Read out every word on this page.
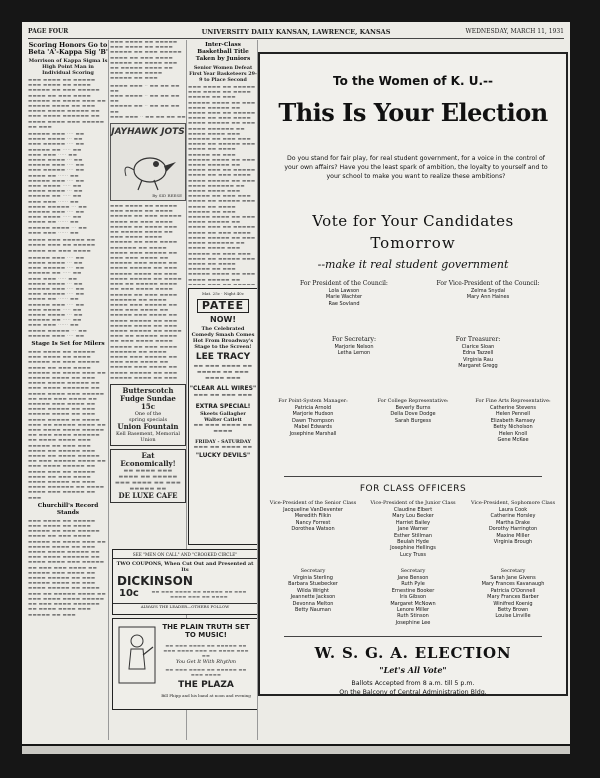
PAGE FOUR	UNIVERSITY DAILY KANSAN, LAWRENCE, KANSAS	WEDNESDAY, MARCH 11, 1931
Scoring Honors Go to Beta 'A'-Kappa Sig 'B'
Morrison of Kappa Sigma Is High Point Man in Individual Scoring
▬▬▬ ▬▬▬▬ ▬▬ ▬▬▬▬▬ ▬▬▬ ▬▬▬▬ ▬▬ ▬▬▬▬ ▬▬▬▬▬ ▬▬ ▬▬▬ ▬▬▬▬▬ ▬▬▬▬ ▬▬ ▬▬▬ ▬▬▬▬ ▬▬▬▬▬ ▬▬ ▬▬▬▬ ▬▬▬ ▬▬ ▬▬▬▬▬ ▬▬▬▬ ▬▬ ▬▬▬ ▬▬▬▬ ▬▬▬▬ ▬▬▬▬▬ ▬▬ ▬▬▬ ▬▬▬▬ ▬▬▬▬▬▬ ▬▬ ▬▬▬▬ ▬▬▬▬ ▬▬▬ ▬▬▬▬▬ ▬▬ ▬▬▬
▬▬▬▬▬ ▬▬▬ ···· ▬▬
▬▬▬▬ ▬▬▬▬ ··· ▬▬
▬▬▬ ▬▬▬▬▬ ···· ▬▬
▬▬▬▬▬ ▬▬ ····· ▬▬
▬▬▬ ▬▬▬ ····· ▬▬
▬▬▬▬ ▬▬▬▬ ··· ▬▬
▬▬▬▬▬ ▬▬▬ ···· ▬▬
▬▬▬ ▬▬▬▬▬ ···· ▬▬
▬▬▬▬ ▬▬ ······ ▬▬
▬▬▬▬▬ ▬▬▬ ···· ▬▬
▬▬▬ ▬▬▬▬ ····· ▬▬
▬▬▬▬ ▬▬▬▬ ··· ▬▬
▬▬▬▬▬ ▬▬ ····· ▬▬
▬▬▬ ▬▬▬ ······ ▬▬
▬▬▬▬ ▬▬▬▬▬ ··· ▬▬
▬▬▬▬▬ ▬▬▬ ···· ▬▬
▬▬▬ ▬▬▬▬ ····· ▬▬
▬▬▬▬ ▬▬ ······ ▬▬
▬▬▬▬▬ ▬▬▬▬ ··· ▬▬
▬▬▬ ▬▬▬ ······ ▬▬
▬▬▬▬ ▬▬▬ ▬▬▬▬▬ ▬▬ ▬▬▬▬ ▬▬▬ ▬▬ ▬▬▬▬▬ ▬▬▬▬ ▬▬ ▬▬▬ ▬▬▬▬
▬▬▬▬▬ ▬▬▬ ···· ▬▬
▬▬▬▬ ▬▬▬▬ ··· ▬▬
▬▬▬ ▬▬▬▬▬ ···· ▬▬
▬▬▬▬▬ ▬▬ ····· ▬▬
▬▬▬ ▬▬▬ ····· ▬▬
▬▬▬▬ ▬▬▬▬ ··· ▬▬
▬▬▬▬▬ ▬▬▬ ···· ▬▬
▬▬▬ ▬▬▬▬▬ ···· ▬▬
▬▬▬▬ ▬▬ ······ ▬▬
▬▬▬▬▬ ▬▬▬ ···· ▬▬
▬▬▬ ▬▬▬▬ ····· ▬▬
▬▬▬▬ ▬▬▬▬ ··· ▬▬
▬▬▬▬▬ ▬▬ ····· ▬▬
▬▬▬ ▬▬▬ ······ ▬▬
▬▬▬▬ ▬▬▬▬▬ ··· ▬▬
▬▬▬▬▬ ▬▬▬ ···· ▬▬
Stage Is Set for Milers
▬▬▬ ▬▬▬▬ ▬▬ ▬▬▬▬▬ ▬▬▬ ▬▬▬▬ ▬▬ ▬▬▬▬ ▬▬▬▬▬ ▬▬ ▬▬▬ ▬▬▬▬▬ ▬▬▬▬ ▬▬ ▬▬▬ ▬▬▬▬ ▬▬▬▬▬ ▬▬ ▬▬▬▬ ▬▬▬ ▬▬ ▬▬▬▬▬ ▬▬▬▬ ▬▬ ▬▬▬ ▬▬▬▬ ▬▬▬▬ ▬▬▬▬▬ ▬▬ ▬▬▬ ▬▬▬▬ ▬▬▬▬▬▬ ▬▬ ▬▬▬▬ ▬▬▬▬ ▬▬▬ ▬▬▬▬▬ ▬▬ ▬▬▬ ▬▬▬ ▬▬▬▬ ▬▬ ▬▬▬▬▬ ▬▬▬ ▬▬▬▬ ▬▬ ▬▬▬▬ ▬▬▬▬▬ ▬▬ ▬▬▬ ▬▬▬▬▬ ▬▬▬▬ ▬▬ ▬▬▬ ▬▬▬▬ ▬▬▬▬▬ ▬▬ ▬▬▬▬ ▬▬▬ ▬▬ ▬▬▬▬▬ ▬▬▬▬ ▬▬ ▬▬▬ ▬▬▬▬ ▬▬▬▬ ▬▬▬▬▬ ▬▬ ▬▬▬ ▬▬▬▬ ▬▬▬▬▬▬ ▬▬ ▬▬▬▬ ▬▬▬▬ ▬▬▬ ▬▬▬▬▬ ▬▬ ▬▬▬ ▬▬▬ ▬▬▬▬ ▬▬ ▬▬▬▬▬ ▬▬▬ ▬▬▬▬ ▬▬ ▬▬▬▬ ▬▬▬▬▬ ▬▬ ▬▬▬ ▬▬▬▬▬ ▬▬▬▬ ▬▬ ▬▬▬ ▬▬▬▬ ▬▬▬▬▬ ▬▬ ▬▬▬▬ ▬▬▬ ▬▬ ▬▬▬▬▬ ▬▬▬▬ ▬▬ ▬▬▬ ▬▬▬▬ ▬▬▬▬ ▬▬▬▬▬ ▬▬ ▬▬▬ ▬▬▬▬ ▬▬▬▬▬▬ ▬▬ ▬▬▬▬ ▬▬▬▬ ▬▬▬ ▬▬▬▬▬ ▬▬ ▬▬▬
Churchill's Record Stands
▬▬▬ ▬▬▬▬ ▬▬ ▬▬▬▬▬ ▬▬▬ ▬▬▬▬ ▬▬ ▬▬▬▬ ▬▬▬▬▬ ▬▬ ▬▬▬ ▬▬▬▬▬ ▬▬▬▬ ▬▬ ▬▬▬ ▬▬▬▬ ▬▬▬▬▬ ▬▬ ▬▬▬▬ ▬▬▬ ▬▬ ▬▬▬▬▬ ▬▬▬▬ ▬▬ ▬▬▬ ▬▬▬▬ ▬▬▬▬ ▬▬▬▬▬ ▬▬ ▬▬▬ ▬▬▬▬ ▬▬▬▬▬▬ ▬▬ ▬▬▬▬ ▬▬▬▬ ▬▬▬ ▬▬▬▬▬ ▬▬ ▬▬▬ ▬▬▬ ▬▬▬▬ ▬▬ ▬▬▬▬▬ ▬▬▬ ▬▬▬▬ ▬▬ ▬▬▬▬ ▬▬▬▬▬ ▬▬ ▬▬▬ ▬▬▬▬▬ ▬▬▬▬ ▬▬ ▬▬▬ ▬▬▬▬ ▬▬▬▬▬ ▬▬ ▬▬▬▬ ▬▬▬ ▬▬ ▬▬▬▬▬ ▬▬▬▬ ▬▬ ▬▬▬ ▬▬▬▬ ▬▬▬▬ ▬▬▬▬▬ ▬▬ ▬▬▬ ▬▬▬▬ ▬▬▬▬▬▬ ▬▬ ▬▬▬▬ ▬▬▬▬ ▬▬▬ ▬▬▬▬▬ ▬▬ ▬▬▬
▬▬▬ ▬▬▬▬ ▬▬ ▬▬▬▬▬ ▬▬▬ ▬▬▬▬ ▬▬ ▬▬▬▬ ▬▬▬▬▬ ▬▬ ▬▬▬ ▬▬▬▬▬ ▬▬▬▬ ▬▬ ▬▬▬ ▬▬▬▬ ▬▬▬▬▬ ▬▬ ▬▬▬▬ ▬▬▬ ▬▬ ▬▬▬▬▬ ▬▬▬▬ ▬▬ ▬▬▬ ▬▬▬▬ ▬▬▬▬ ▬▬▬▬▬ ▬▬ ▬▬▬
▬▬▬▬ ▬▬▬ ·· ▬▬ ▬▬ ▬▬ ▬▬
▬▬▬ ▬▬▬▬ ·· ▬▬ ▬▬ ▬▬ ▬▬
▬▬▬▬▬ ▬▬ ·· ▬▬ ▬▬ ▬▬ ▬▬
▬▬▬ ▬▬▬ ·· ▬▬ ▬▬ ▬▬ ▬▬
JAYHAWK JOTS
By SID REESE
▬▬▬ ▬▬▬▬ ▬▬ ▬▬▬▬▬ ▬▬▬ ▬▬▬▬ ▬▬ ▬▬▬▬ ▬▬▬▬▬ ▬▬ ▬▬▬ ▬▬▬▬▬ ▬▬▬▬ ▬▬ ▬▬▬ ▬▬▬▬ ▬▬▬▬▬ ▬▬ ▬▬▬▬ ▬▬▬ ▬▬ ▬▬▬▬▬ ▬▬▬▬ ▬▬ ▬▬▬ ▬▬▬▬ ▬▬▬▬ ▬▬▬▬▬ ▬▬ ▬▬▬ ▬▬▬▬ ▬▬▬▬▬▬ ▬▬ ▬▬▬▬ ▬▬▬▬ ▬▬▬ ▬▬▬▬▬ ▬▬ ▬▬▬ ▬▬▬ ▬▬▬▬ ▬▬ ▬▬▬▬▬ ▬▬▬ ▬▬▬▬ ▬▬ ▬▬▬▬ ▬▬▬▬▬ ▬▬ ▬▬▬ ▬▬▬▬▬ ▬▬▬▬ ▬▬ ▬▬▬ ▬▬▬▬ ▬▬▬▬▬ ▬▬ ▬▬▬▬ ▬▬▬ ▬▬ ▬▬▬▬▬ ▬▬▬▬ ▬▬ ▬▬▬ ▬▬▬▬ ▬▬▬▬ ▬▬▬▬▬ ▬▬ ▬▬▬ ▬▬▬▬ ▬▬▬▬▬▬ ▬▬ ▬▬▬▬ ▬▬▬▬ ▬▬▬ ▬▬▬▬▬ ▬▬ ▬▬▬ ▬▬▬ ▬▬▬▬ ▬▬ ▬▬▬▬▬ ▬▬▬ ▬▬▬▬ ▬▬ ▬▬▬▬ ▬▬▬▬▬ ▬▬ ▬▬▬ ▬▬▬▬▬ ▬▬▬▬ ▬▬ ▬▬▬ ▬▬▬▬ ▬▬▬▬▬ ▬▬ ▬▬▬▬ ▬▬▬ ▬▬ ▬▬▬▬▬ ▬▬▬▬ ▬▬ ▬▬▬ ▬▬▬▬ ▬▬▬▬ ▬▬▬▬▬ ▬▬ ▬▬▬ ▬▬▬▬ ▬▬▬▬▬▬ ▬▬ ▬▬▬▬ ▬▬▬▬ ▬▬▬ ▬▬▬▬▬ ▬▬ ▬▬▬ ▬▬▬ ▬▬▬▬ ▬▬ ▬▬▬▬▬ ▬▬▬ ▬▬▬▬ ▬▬ ▬▬▬▬ ▬▬▬▬▬ ▬▬ ▬▬▬ ▬▬▬▬▬ ▬▬▬▬ ▬▬ ▬▬▬
Butterscotch
Fudge Sundae
15c
One of the
spring specials
Union Fountain
Kell Basement, Memorial Union
Eat Economically!
▬▬ ▬▬▬▬ ▬▬▬ ▬▬▬▬ ▬▬ ▬▬▬▬▬ ▬▬▬ ▬▬▬▬ ▬▬ ▬▬▬ ▬▬▬▬▬ ▬▬
DE LUXE CAFE
Inter-Class Basketball Title Taken by Juniors
Senior Women Defeat First Year Basketeers 29-9 to Place Second
▬▬▬ ▬▬▬▬ ▬▬ ▬▬▬▬▬ ▬▬▬ ▬▬▬▬ ▬▬ ▬▬▬▬ ▬▬▬▬▬ ▬▬ ▬▬▬ ▬▬▬▬▬ ▬▬▬▬ ▬▬ ▬▬▬ ▬▬▬▬ ▬▬▬▬▬ ▬▬ ▬▬▬▬ ▬▬▬ ▬▬ ▬▬▬▬▬ ▬▬▬▬ ▬▬ ▬▬▬ ▬▬▬▬ ▬▬▬▬ ▬▬▬▬▬ ▬▬ ▬▬▬ ▬▬▬▬ ▬▬▬▬▬▬ ▬▬ ▬▬▬▬ ▬▬▬▬ ▬▬▬ ▬▬▬▬▬ ▬▬ ▬▬▬ ▬▬▬ ▬▬▬▬ ▬▬ ▬▬▬▬▬ ▬▬▬ ▬▬▬▬ ▬▬ ▬▬▬▬ ▬▬▬▬▬ ▬▬ ▬▬▬ ▬▬▬▬▬ ▬▬▬▬ ▬▬ ▬▬▬ ▬▬▬▬ ▬▬▬▬▬ ▬▬ ▬▬▬▬ ▬▬▬ ▬▬ ▬▬▬▬▬ ▬▬▬▬ ▬▬ ▬▬▬ ▬▬▬▬ ▬▬▬▬ ▬▬▬▬▬ ▬▬ ▬▬▬ ▬▬▬▬ ▬▬▬▬▬▬ ▬▬ ▬▬▬▬ ▬▬▬▬ ▬▬▬ ▬▬▬▬▬ ▬▬ ▬▬▬ ▬▬▬ ▬▬▬▬ ▬▬ ▬▬▬▬▬ ▬▬▬ ▬▬▬▬ ▬▬ ▬▬▬▬ ▬▬▬▬▬ ▬▬ ▬▬▬ ▬▬▬▬▬ ▬▬▬▬ ▬▬ ▬▬▬ ▬▬▬▬ ▬▬▬▬▬ ▬▬ ▬▬▬▬ ▬▬▬ ▬▬ ▬▬▬▬▬ ▬▬▬▬ ▬▬ ▬▬▬ ▬▬▬▬ ▬▬▬▬ ▬▬▬▬▬ ▬▬ ▬▬▬ ▬▬▬▬ ▬▬▬▬▬▬ ▬▬ ▬▬▬▬ ▬▬▬▬ ▬▬▬ ▬▬▬▬▬ ▬▬ ▬▬▬ ▬▬▬ ▬▬▬▬ ▬▬ ▬▬▬▬▬ ▬▬▬ ▬▬▬▬ ▬▬ ▬▬▬▬ ▬▬▬▬▬ ▬▬ ▬▬▬ ▬▬▬▬▬ ▬▬▬▬ ▬▬ ▬▬▬ ▬▬▬▬ ▬▬▬▬▬ ▬▬
Mat. 25c · Night 40c
PATEE
NOW!
The Celebrated Comedy Smash Comes Hot From Broadway's Stage to the Screen!
LEE TRACY
▬▬ ▬▬▬ ▬▬▬▬ ▬▬ ▬▬▬▬▬ ▬▬ ▬▬▬ ▬▬▬▬ ▬▬▬
"CLEAR ALL WIRES"
▬▬▬ ▬▬ ▬▬▬ ▬▬▬
EXTRA SPECIAL!
Skeets Gallagher
Walter Catlett
▬▬ ▬▬▬ ▬▬▬▬ ▬▬ ▬▬▬▬
FRIDAY - SATURDAY
▬▬▬ ▬▬ ▬▬▬▬ ▬▬
"LUCKY DEVILS"
SEE "MEN ON CALL" AND "CROOKED CIRCLE"
TWO COUPONS, When Cut Out and Presented at Its
DICKINSON
10c	▬▬ ▬▬▬ ▬▬▬▬ ▬▬ ▬▬▬▬▬ ▬▬ ▬▬▬ ▬▬▬▬ ▬▬▬ ▬▬ ▬▬▬▬
ALWAYS THE LEADER—OTHERS FOLLOW
THE PLAIN TRUTH SET TO MUSIC!
▬▬ ▬▬▬ ▬▬▬▬ ▬▬ ▬▬▬▬▬ ▬▬ ▬▬▬ ▬▬▬▬ ▬▬▬ ▬▬ ▬▬▬▬ ▬▬▬ ▬▬
You Get It With Rhythm
▬▬ ▬▬▬ ▬▬▬▬ ▬▬ ▬▬▬▬▬ ▬▬ ▬▬▬ ▬▬▬▬
THE PLAZA
Bill Phipp and his band at noon and evening
To the Women of K. U.--
This Is Your Election
Do you stand for fair play, for real student government, for a voice in the control of your own affairs? Have you the least spark of ambition, the loyalty to yourself and to your school to make you want to realize these ambitions?
Vote for Your Candidates
Tomorrow
--make it real student government
For President of the Council:
Lola Lawson
Marie Wachter
Rae Sovland
For Vice-President of the Council:
Zelma Snydal
Mary Ann Haines
For Secretary:
Marjorie Nelson
Letha Lemon
For Treasurer:
Clarice Sloan
Edna Tazzell
Virginia Rau
Margaret Gregg
For Point-System Manager:
Patricia Arnold
Marjorie Hudson
Dawn Thompson
Mabel Edwards
Josephine Marshall
For College Representative:
Beverly Burns
Della Dove Dodge
Sarah Burgess
For Fine Arts Representative:
Catherine Stevens
Helen Pennell
Elizabeth Ramsey
Betty Nicholson
Helen Knoll
Gene McKee
FOR CLASS OFFICERS
Vice-President of the Senior Class
Jacqueline VanDeventer
Meredith Filkin
Nancy Forrest
Dorothea Watson
Vice-President of the Junior Class
Claudine Elbert
Mary Lou Becker
Harriet Bailey
Jane Warner
Esther Stillman
Beulah Hyde
Josephine Hellings
Lucy Truss
Vice-President, Sophomore Class
Laura Cook
Catherine Horsley
Martha Drake
Dorothy Harrington
Maxine Miller
Virginia Brough
Secretary
Virginia Sterling
Barbara Stuebecker
Wilda Wright
Jeannette Jackson
Devonna Melton
Betty Nauman
Secretary
Jane Benson
Ruth Pyle
Ernestine Booker
Iris Gibson
Margaret McNown
Lenore Miller
Ruth Stinson
Josephine Lee
Secretary
Sarah Jane Givens
Mary Frances Kavanaugh
Patricia O'Donnell
Mary Frances Barber
Winifred Koenig
Betty Brown
Louise Linville
W. S. G. A. ELECTION
"Let's All Vote"
Ballots Accepted from 8 a.m. till 5 p.m.
On the Balcony of Central Administration Bldg.
